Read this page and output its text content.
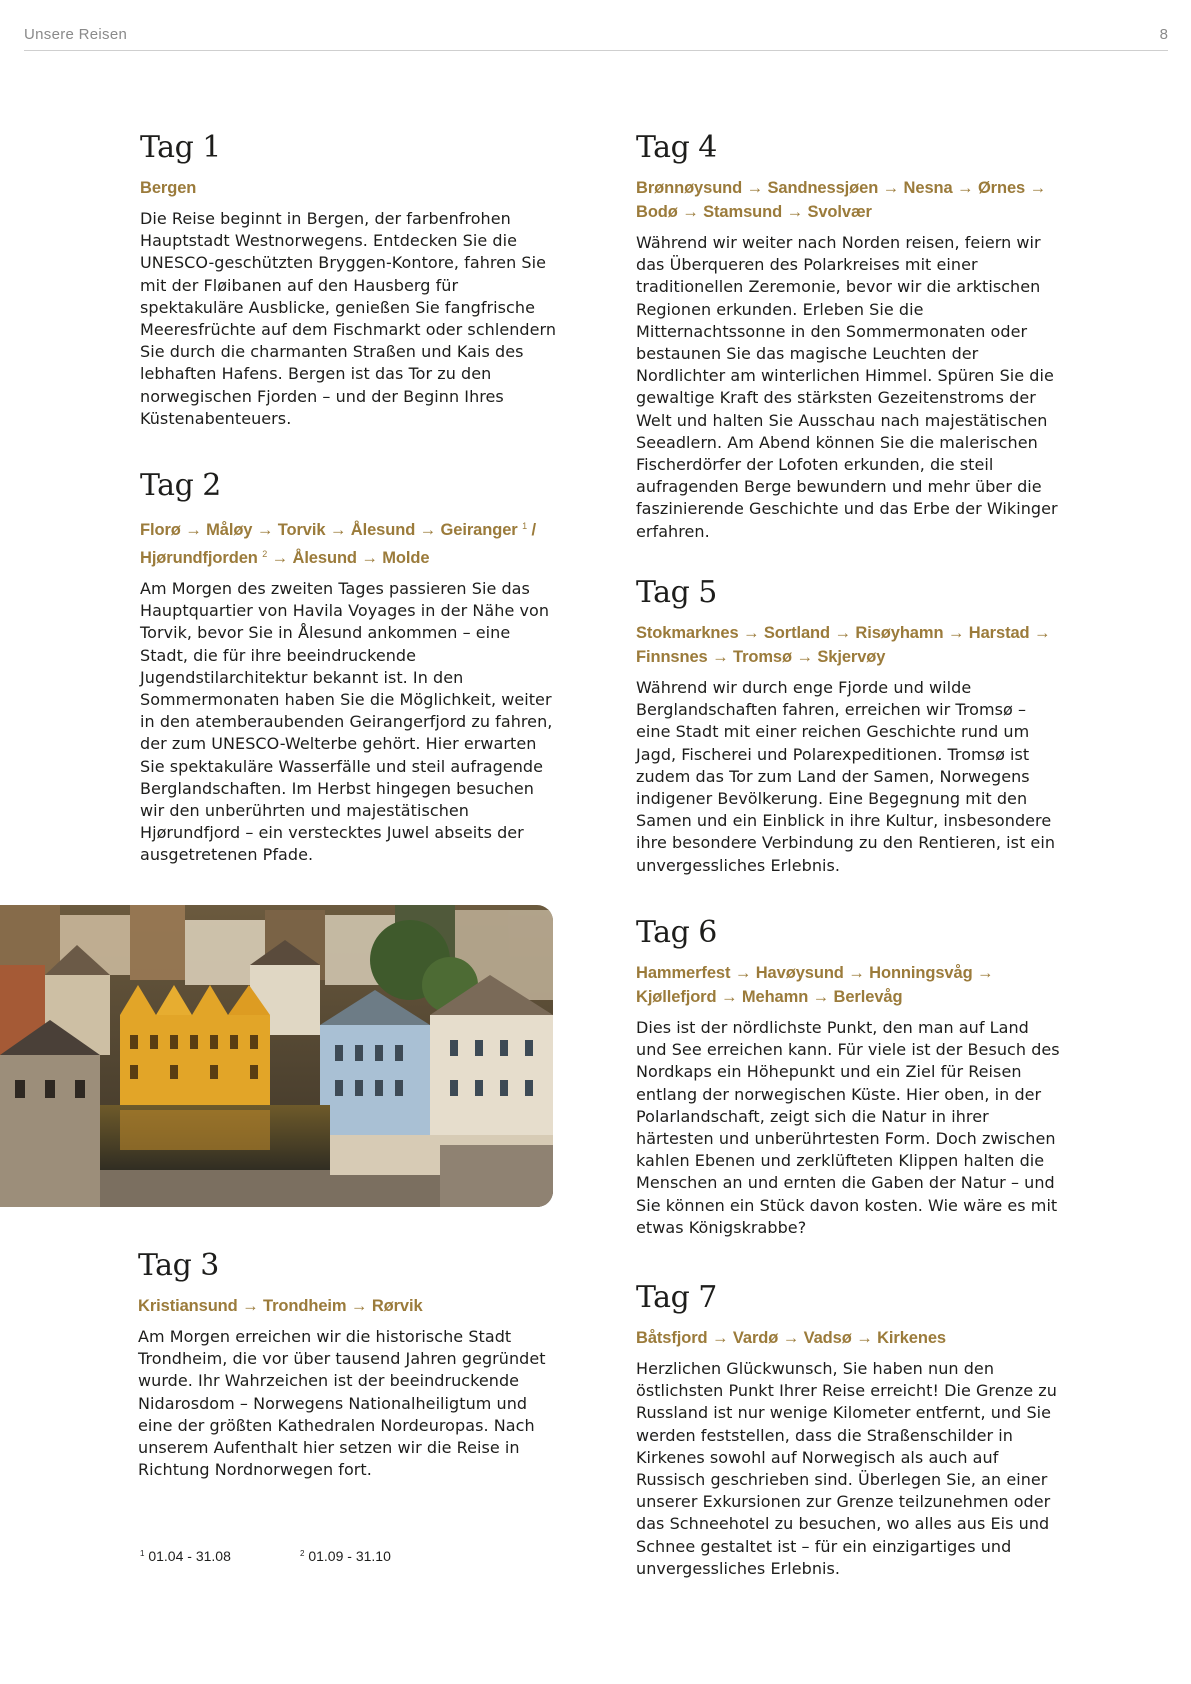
Unsere Reisen	8
Tag 1
Bergen

Die Reise beginnt in Bergen, der farbenfrohen Hauptstadt Westnorwegens. Entdecken Sie die UNESCO-geschützten Bryggen-Kontore, fahren Sie mit der Fløibanen auf den Hausberg für spektakuläre Ausblicke, genießen Sie fangfrische Meeresfrüchte auf dem Fischmarkt oder schlendern Sie durch die charmanten Straßen und Kais des lebhaften Hafens. Bergen ist das Tor zu den norwegischen Fjorden – und der Beginn Ihres Küstenabenteuers.

Tag 2
Florø → Måløy → Torvik → Ålesund → Geiranger $^1$ / Hjørundfjorden $^2$ → Ålesund → Molde

Am Morgen des zweiten Tages passieren Sie das Hauptquartier von Havila Voyages in der Nähe von Torvik, bevor Sie in Ålesund ankommen – eine Stadt, die für ihre beeindruckende Jugendstilarchitektur bekannt ist. In den Sommermonaten haben Sie die Möglichkeit, weiter in den atemberaubenden Geirangerfjord zu fahren, der zum UNESCO-Welterbe gehört. Hier erwarten Sie spektakuläre Wasserfälle und steil aufragende Berglandschaften. Im Herbst hingegen besuchen wir den unberührten und majestätischen Hjørundfjord – ein verstecktes Juwel abseits der ausgetretenen Pfade.

Tag 3
Kristiansund → Trondheim → Rørvik

Am Morgen erreichen wir die historische Stadt Trondheim, die vor über tausend Jahren gegründet wurde. Ihr Wahrzeichen ist der beeindruckende Nidarosdom – Norwegens Nationalheiligtum und eine der größten Kathedralen Nordeuropas. Nach unserem Aufenthalt hier setzen wir die Reise in Richtung Nordnorwegen fort.

$^1$ 01.04 - 31.08	$^2$ 01.09 - 31.10
Tag 4
Brønnøysund → Sandnessjøen → Nesna → Ørnes → Bodø → Stamsund → Svolvær

Während wir weiter nach Norden reisen, feiern wir das Überqueren des Polarkreises mit einer traditionellen Zeremonie, bevor wir die arktischen Regionen erkunden. Erleben Sie die Mitternachtssonne in den Sommermonaten oder bestaunen Sie das magische Leuchten der Nordlichter am winterlichen Himmel. Spüren Sie die gewaltige Kraft des stärksten Gezeitenstroms der Welt und halten Sie Ausschau nach majestätischen Seeadlern. Am Abend können Sie die malerischen Fischerdörfer der Lofoten erkunden, die steil aufragenden Berge bewundern und mehr über die faszinierende Geschichte und das Erbe der Wikinger erfahren.

Tag 5
Stokmarknes → Sortland → Risøyhamn → Harstad → Finnsnes → Tromsø → Skjervøy

Während wir durch enge Fjorde und wilde Berglandschaften fahren, erreichen wir Tromsø – eine Stadt mit einer reichen Geschichte rund um Jagd, Fischerei und Polarexpeditionen. Tromsø ist zudem das Tor zum Land der Samen, Norwegens indigener Bevölkerung. Eine Begegnung mit den Samen und ein Einblick in ihre Kultur, insbesondere ihre besondere Verbindung zu den Rentieren, ist ein unvergessliches Erlebnis.

Tag 6
Hammerfest → Havøysund → Honningsvåg → Kjøllefjord → Mehamn → Berlevåg

Dies ist der nördlichste Punkt, den man auf Land und See erreichen kann. Für viele ist der Besuch des Nordkaps ein Höhepunkt und ein Ziel für Reisen entlang der norwegischen Küste. Hier oben, in der Polarlandschaft, zeigt sich die Natur in ihrer härtesten und unberührtesten Form. Doch zwischen kahlen Ebenen und zerklüfteten Klippen halten die Menschen an und ernten die Gaben der Natur – und Sie können ein Stück davon kosten. Wie wäre es mit etwas Königskrabbe?

Tag 7
Båtsfjord → Vardø → Vadsø → Kirkenes

Herzlichen Glückwunsch, Sie haben nun den östlichsten Punkt Ihrer Reise erreicht! Die Grenze zu Russland ist nur wenige Kilometer entfernt, und Sie werden feststellen, dass die Straßenschilder in Kirkenes sowohl auf Norwegisch als auch auf Russisch geschrieben sind. Überlegen Sie, an einer unserer Exkursionen zur Grenze teilzunehmen oder das Schneehotel zu besuchen, wo alles aus Eis und Schnee gestaltet ist – für ein einzigartiges und unvergessliches Erlebnis.
